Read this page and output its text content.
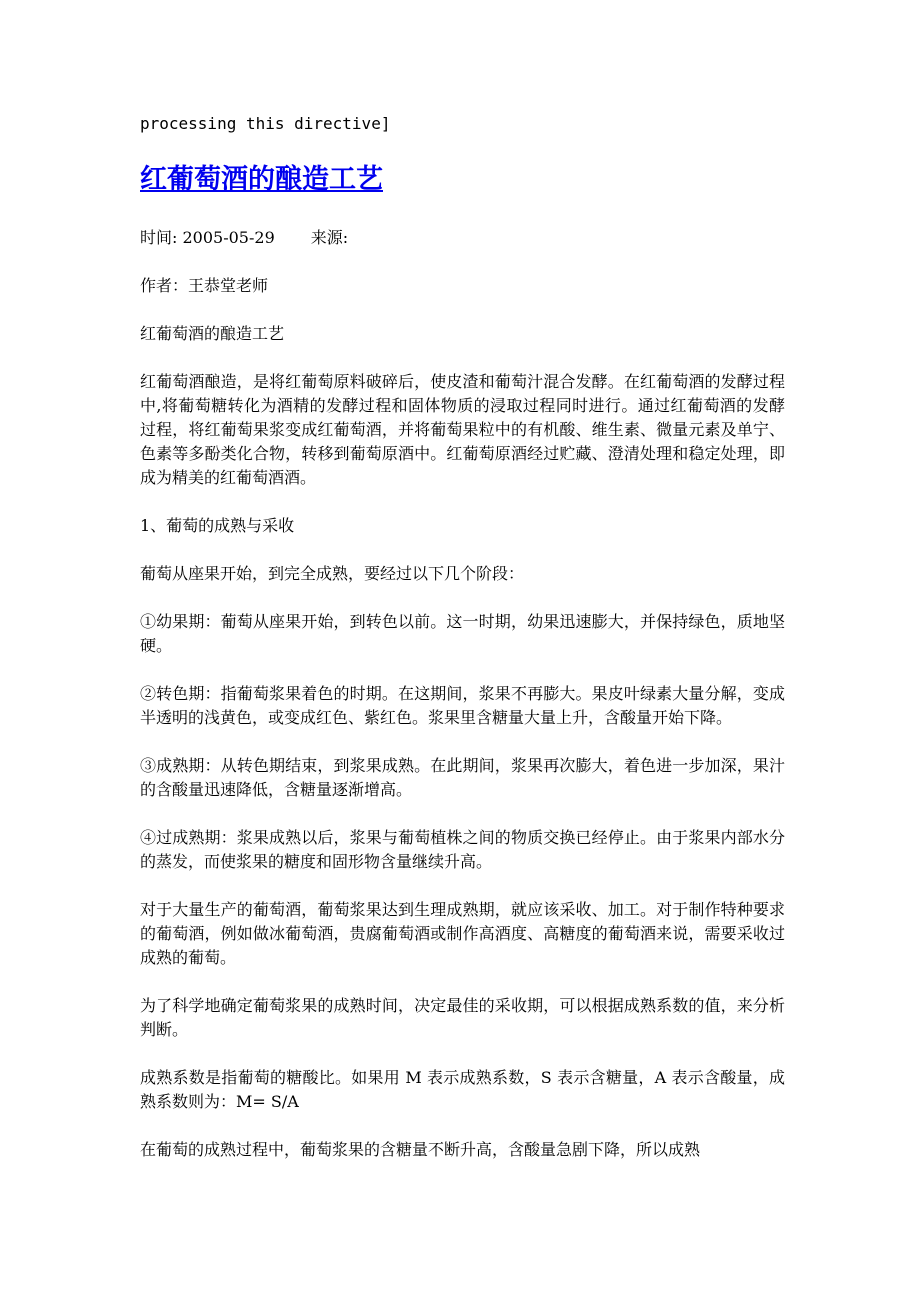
processing this directive]
红葡萄酒的酿造工艺
时间: 2005-05-29 来源:
作者：王恭堂老师

红葡萄酒的酿造工艺

红葡萄酒酿造，是将红葡萄原料破碎后，使皮渣和葡萄汁混合发酵。在红葡萄酒的发酵过程中,将葡萄糖转化为酒精的发酵过程和固体物质的浸取过程同时进行。通过红葡萄酒的发酵过程，将红葡萄果浆变成红葡萄酒，并将葡萄果粒中的有机酸、维生素、微量元素及单宁、色素等多酚类化合物，转移到葡萄原酒中。红葡萄原酒经过贮藏、澄清处理和稳定处理，即成为精美的红葡萄酒酒。

1、葡萄的成熟与采收

葡萄从座果开始，到完全成熟，要经过以下几个阶段：

①幼果期：葡萄从座果开始，到转色以前。这一时期，幼果迅速膨大，并保持绿色，质地坚硬。

②转色期：指葡萄浆果着色的时期。在这期间，浆果不再膨大。果皮叶绿素大量分解，变成半透明的浅黄色，或变成红色、紫红色。浆果里含糖量大量上升，含酸量开始下降。

③成熟期：从转色期结束，到浆果成熟。在此期间，浆果再次膨大，着色进一步加深，果汁的含酸量迅速降低，含糖量逐渐增高。

④过成熟期：浆果成熟以后，浆果与葡萄植株之间的物质交换已经停止。由于浆果内部水分的蒸发，而使浆果的糖度和固形物含量继续升高。

对于大量生产的葡萄酒，葡萄浆果达到生理成熟期，就应该采收、加工。对于制作特种要求的葡萄酒，例如做冰葡萄酒，贵腐葡萄酒或制作高酒度、高糖度的葡萄酒来说，需要采收过成熟的葡萄。

为了科学地确定葡萄浆果的成熟时间，决定最佳的采收期，可以根据成熟系数的值，来分析判断。

成熟系数是指葡萄的糖酸比。如果用 M 表示成熟系数，S 表示含糖量，A 表示含酸量，成熟系数则为：M= S/A

在葡萄的成熟过程中，葡萄浆果的含糖量不断升高，含酸量急剧下降，所以成熟
